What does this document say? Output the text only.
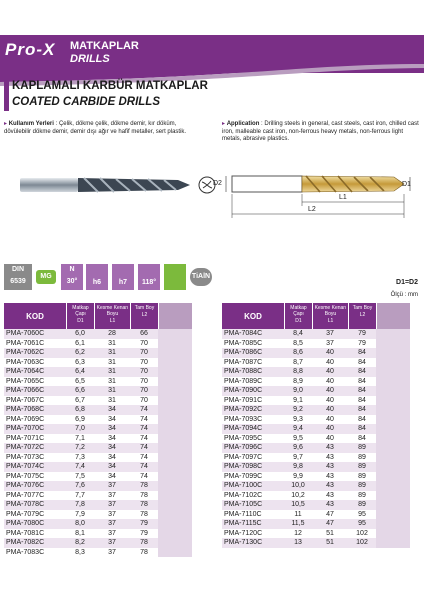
Pro-X	MATKAPLAR
DRILLS
KAPLAMALI KARBÜR MATKAPLAR
COATED CARBIDE DRILLS
▸ Kullanım Yerleri : Çelik, dökme çelik, dökme demir, kır döküm, dövülebilir dökme demir, demir dışı ağır ve hafif metaller, sert plastik.
▸ Application : Drilling steels in general, cast steels, cast iron, chilled cast iron, malleable cast iron, non-ferrous heavy metals, non-ferrous light metals, abrasive plastics.
D2	D1
L1
L2
DIN
6539
MG
N
30°	h6	h7	118°
TiAlN
D1=D2
Ölçü : mm
KOD
Matkap Çapı
D1
Kesme Kenarı Boyu
L1
Tam Boy
L2
PMA-7060C	6,0	28	66
PMA-7061C	6,1	31	70
PMA-7062C	6,2	31	70
PMA-7063C	6,3	31	70
PMA-7064C	6,4	31	70
PMA-7065C	6,5	31	70
PMA-7066C	6,6	31	70
PMA-7067C	6,7	31	70
PMA-7068C	6,8	34	74
PMA-7069C	6,9	34	74
PMA-7070C	7,0	34	74
PMA-7071C	7,1	34	74
PMA-7072C	7,2	34	74
PMA-7073C	7,3	34	74
PMA-7074C	7,4	34	74
PMA-7075C	7,5	34	74
PMA-7076C	7,6	37	78
PMA-7077C	7,7	37	78
PMA-7078C	7,8	37	78
PMA-7079C	7,9	37	78
PMA-7080C	8,0	37	79
PMA-7081C	8,1	37	79
PMA-7082C	8,2	37	78
PMA-7083C	8,3	37	78
KOD
Matkap Çapı
D1
Kesme Kenarı Boyu
L1
Tam Boy
L2
PMA-7084C	8,4	37	79
PMA-7085C	8,5	37	79
PMA-7086C	8,6	40	84
PMA-7087C	8,7	40	84
PMA-7088C	8,8	40	84
PMA-7089C	8,9	40	84
PMA-7090C	9,0	40	84
PMA-7091C	9,1	40	84
PMA-7092C	9,2	40	84
PMA-7093C	9,3	40	84
PMA-7094C	9,4	40	84
PMA-7095C	9,5	40	84
PMA-7096C	9,6	43	89
PMA-7097C	9,7	43	89
PMA-7098C	9,8	43	89
PMA-7099C	9,9	43	89
PMA-7100C	10,0	43	89
PMA-7102C	10,2	43	89
PMA-7105C	10,5	43	89
PMA-7110C	11	47	95
PMA-7115C	11,5	47	95
PMA-7120C	12	51	102
PMA-7130C	13	51	102
